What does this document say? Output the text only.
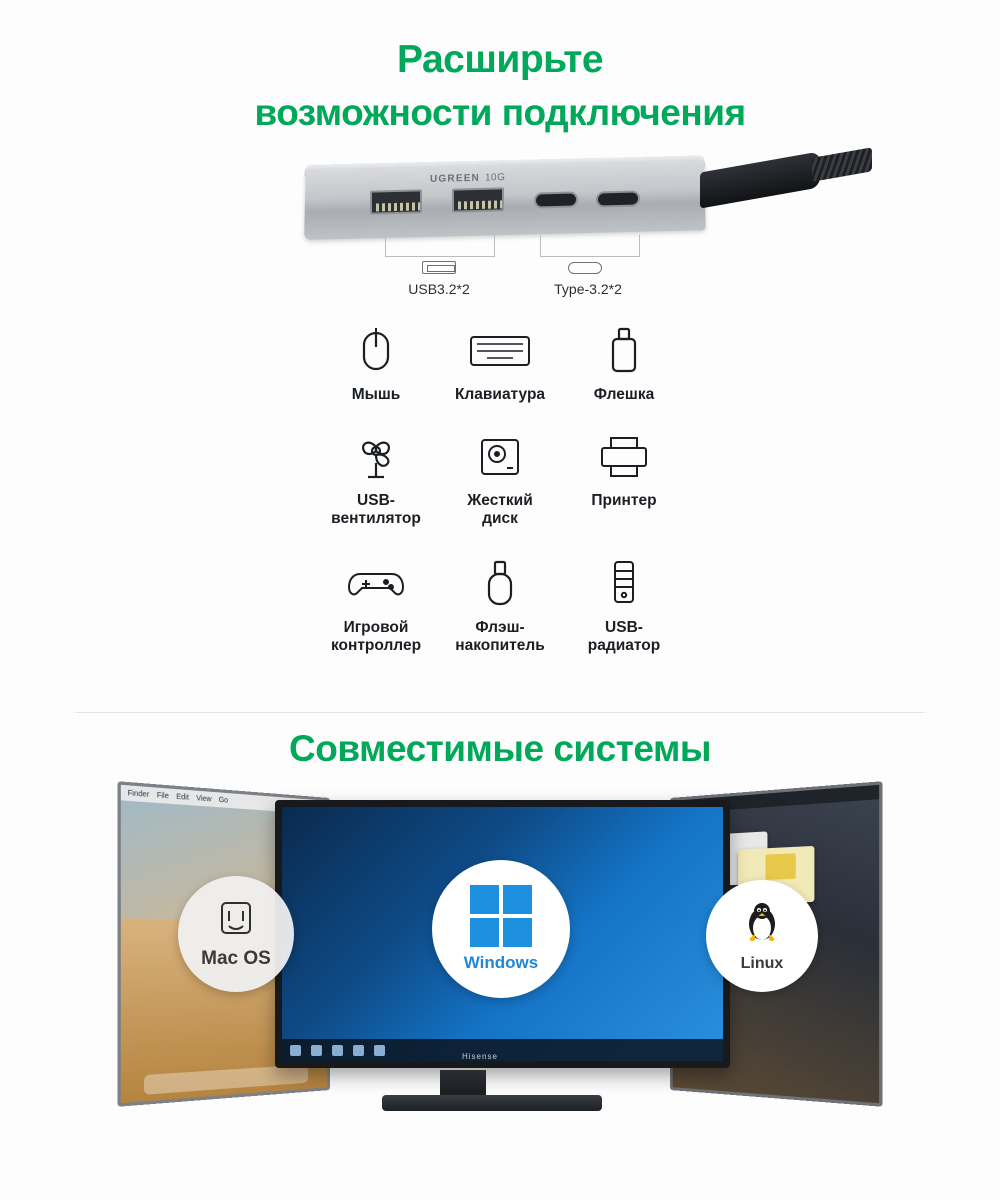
Расширьте
возможности подключения
UGREEN 10G
USB3.2*2	Type-3.2*2
Мышь	Клавиатура	Флешка
USB-
вентилятор
Жесткий
диск
Принтер
Игровой
контроллер
Флэш-
накопитель
USB-
радиатор
Совместимые системы
Finder File Edit View Go
Hisense
Mac OS	Windows	Linux
